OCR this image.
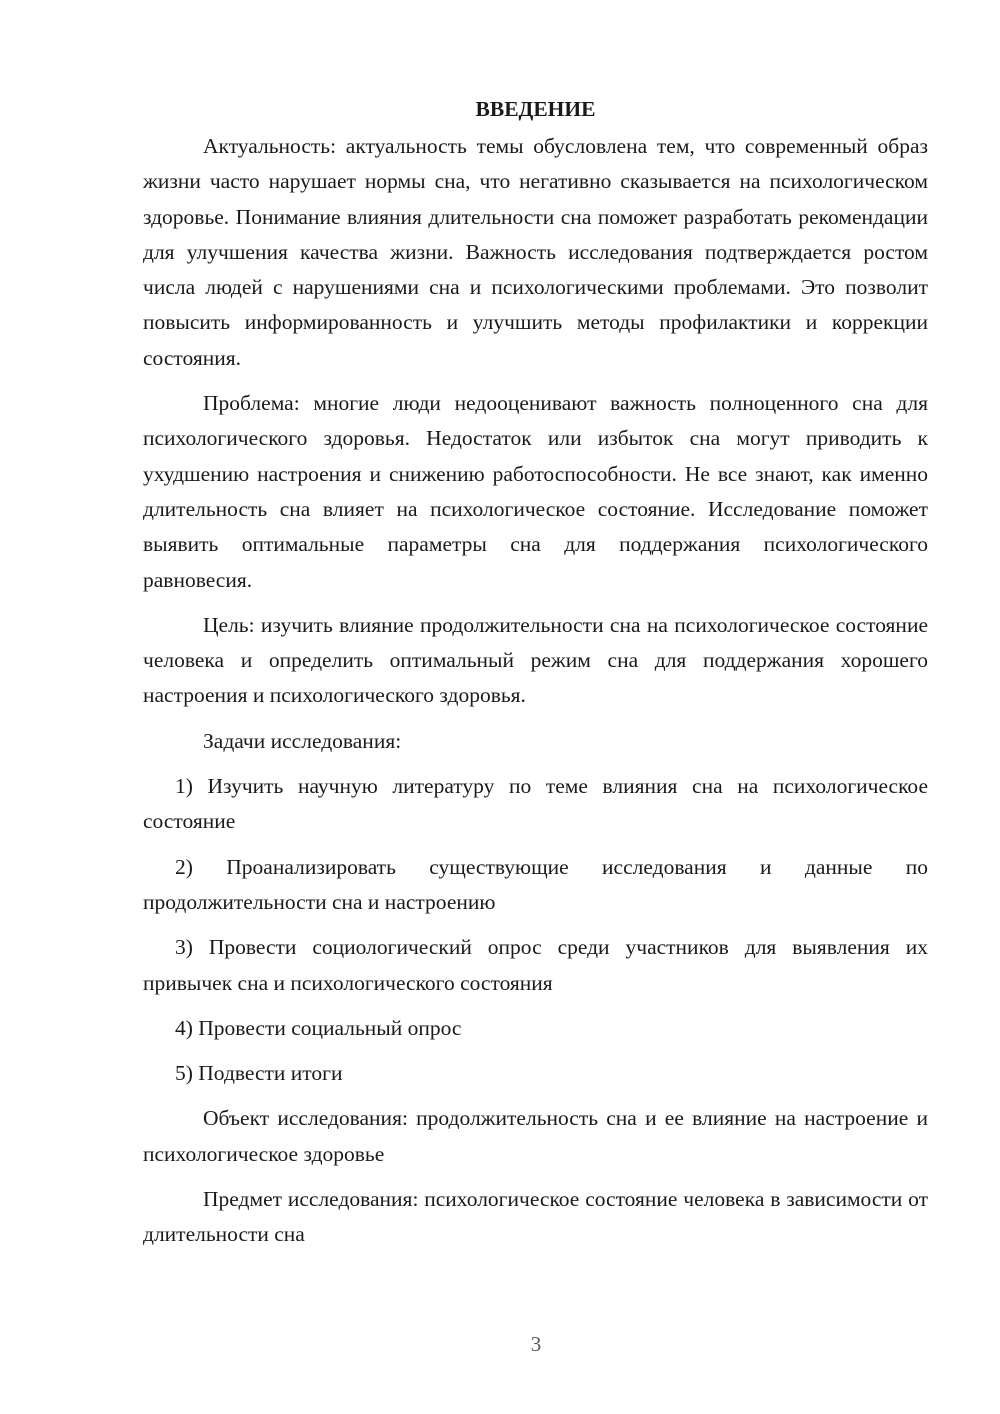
ВВЕДЕНИЕ

Актуальность: актуальность темы обусловлена тем, что современный образ жизни часто нарушает нормы сна, что негативно сказывается на психологическом здоровье. Понимание влияния длительности сна поможет разработать рекомендации для улучшения качества жизни. Важность исследования подтверждается ростом числа людей с нарушениями сна и психологическими проблемами. Это позволит повысить информированность и улучшить методы профилактики и коррекции состояния.

Проблема: многие люди недооценивают важность полноценного сна для психологического здоровья. Недостаток или избыток сна могут приводить к ухудшению настроения и снижению работоспособности. Не все знают, как именно длительность сна влияет на психологическое состояние. Исследование поможет выявить оптимальные параметры сна для поддержания психологического равновесия.

Цель: изучить влияние продолжительности сна на психологическое состояние человека и определить оптимальный режим сна для поддержания хорошего настроения и психологического здоровья.

Задачи исследования:

1) Изучить научную литературу по теме влияния сна на психологическое состояние

2) Проанализировать существующие исследования и данные по продолжительности сна и настроению

3) Провести социологический опрос среди участников для выявления их привычек сна и психологического состояния

4) Провести социальный опрос

5) Подвести итоги

Объект исследования: продолжительность сна и ее влияние на настроение и психологическое здоровье

Предмет исследования: психологическое состояние человека в зависимости от длительности сна

3
